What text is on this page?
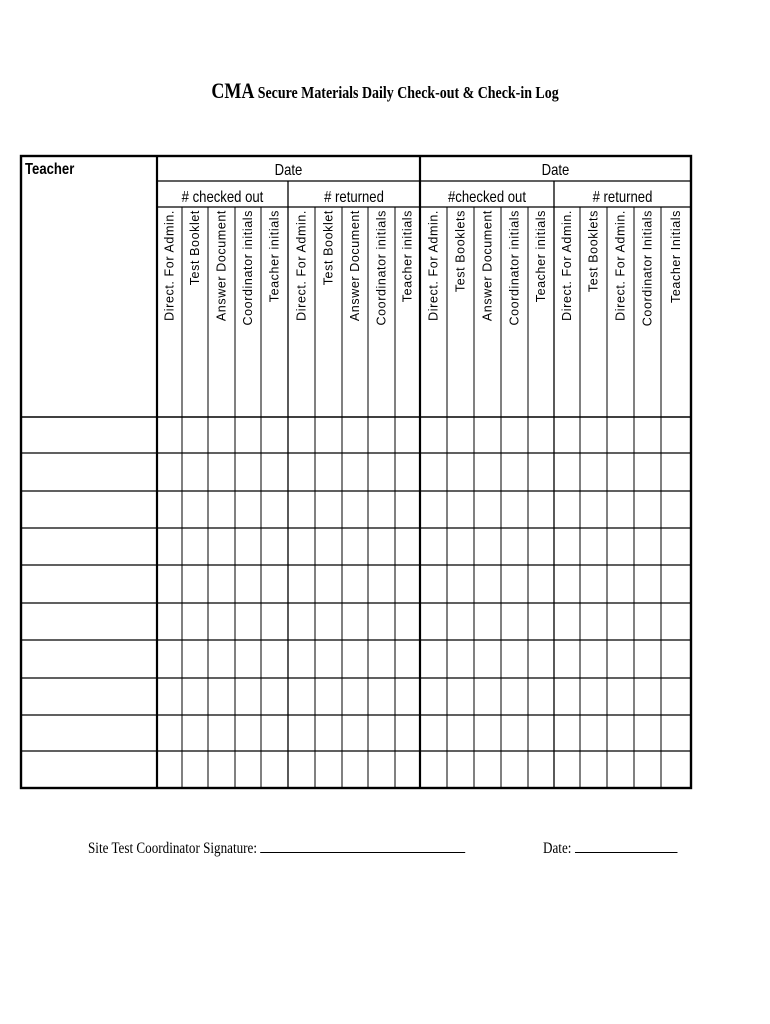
CMA Secure Materials Daily Check-out & Check-in Log
Teacher	Date
# checked out
Direct. For Admin. Test Booklet Answer Document Coordinator initials Teacher initials
# returned
Direct. For Admin. Test Booklet Answer Document Coordinator initials Teacher initials
Date
#checked out
Direct. For Admin. Test Booklets Answer Document Coordinator initials Teacher initials
# returned
Direct. For Admin. Test Booklets Direct. For Admin. Coordinator Initials Teacher Initials
Site Test Coordinator Signature:	Date:
